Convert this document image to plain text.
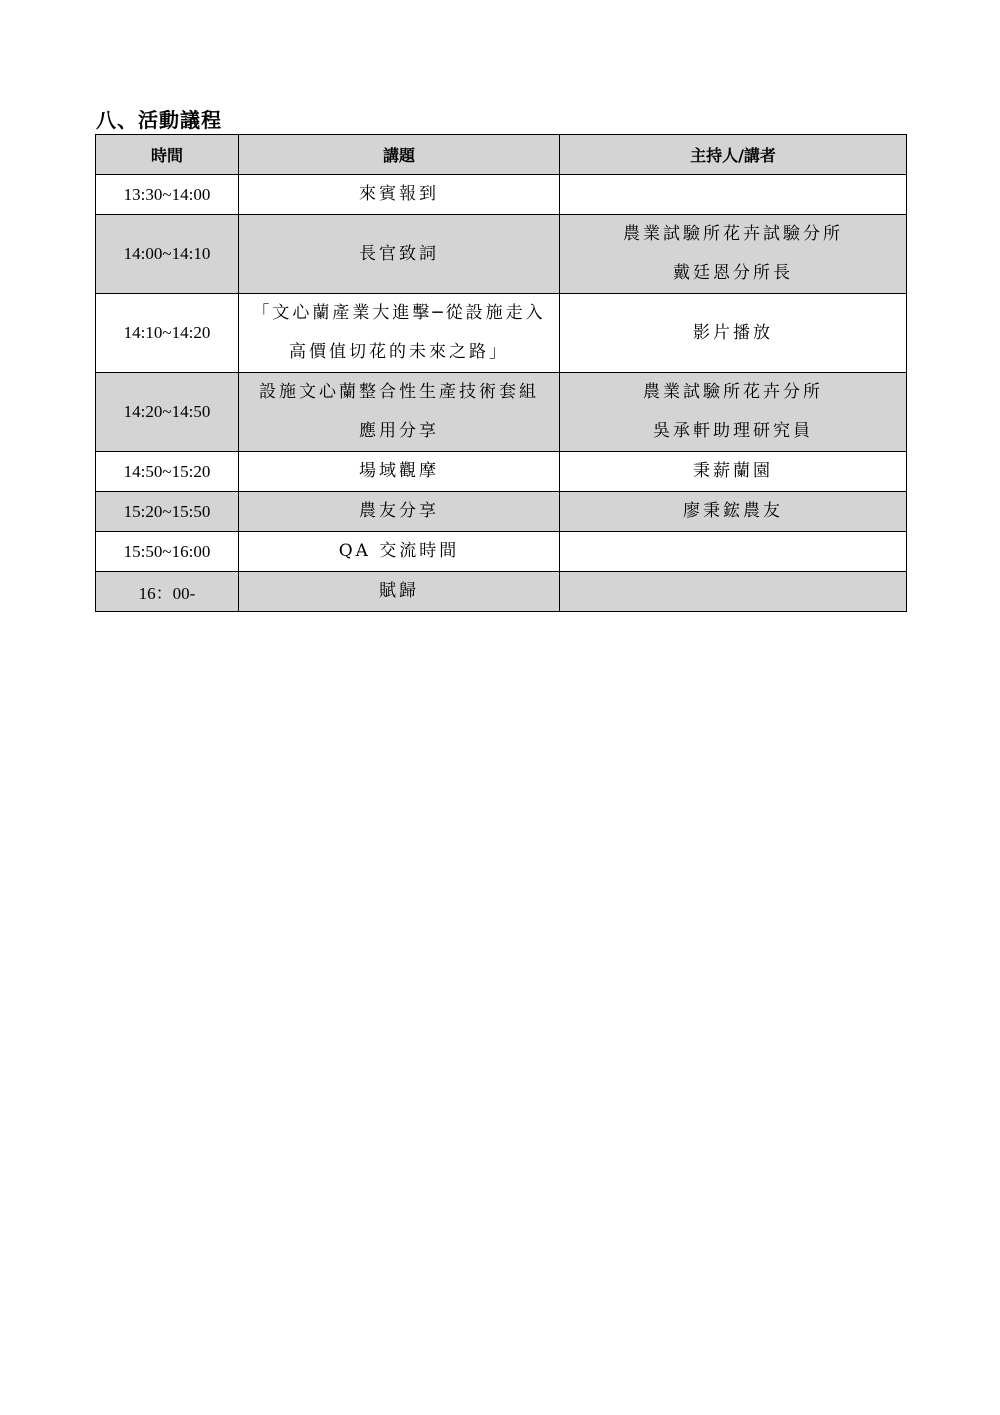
八、活動議程
時間	講題	主持人/講者
13:30~14:00	來賓報到	

14:00~14:10	長官致詞	農業試驗所花卉試驗分所
戴廷恩分所長

14:10~14:20	「文心蘭產業大進擊─從設施走入
高價值切花的未來之路」	影片播放

14:20~14:50	設施文心蘭整合性生產技術套組
應用分享	農業試驗所花卉分所
吳承軒助理研究員

14:50~15:20	場域觀摩	秉薪蘭園

15:20~15:50	農友分享	廖秉鋐農友

15:50~16:00	QA 交流時間	

16：00-	賦歸	
